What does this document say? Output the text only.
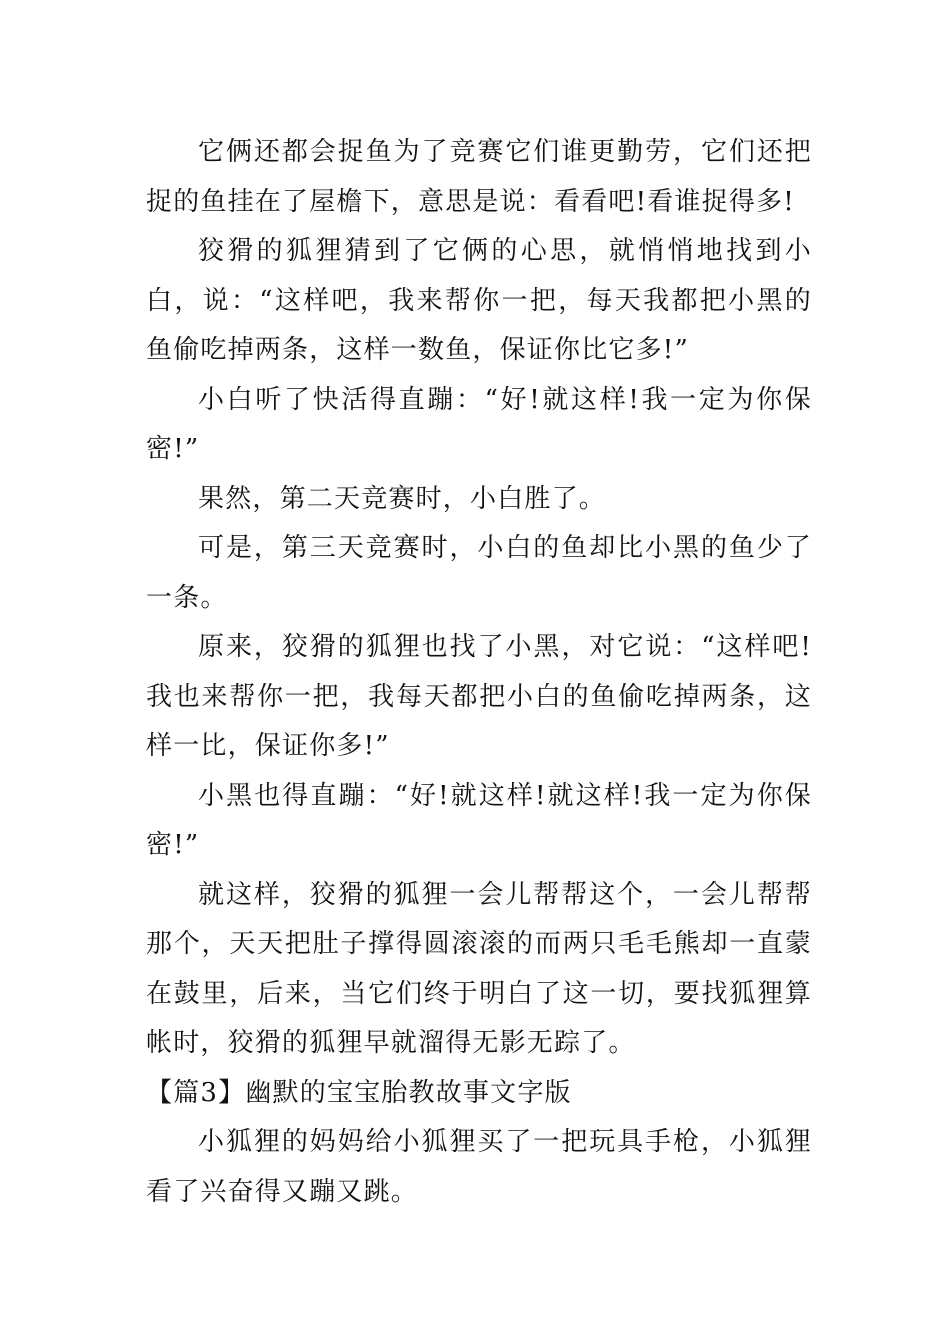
它俩还都会捉鱼为了竞赛它们谁更勤劳，它们还把捉的鱼挂在了屋檐下，意思是说：看看吧!看谁捉得多!

狡猾的狐狸猜到了它俩的心思，就悄悄地找到小白，说：“这样吧，我来帮你一把，每天我都把小黑的鱼偷吃掉两条，这样一数鱼，保证你比它多!”

小白听了快活得直蹦：“好!就这样!我一定为你保密!”

果然，第二天竞赛时，小白胜了。

可是，第三天竞赛时，小白的鱼却比小黑的鱼少了一条。

原来，狡猾的狐狸也找了小黑，对它说：“这样吧!我也来帮你一把，我每天都把小白的鱼偷吃掉两条，这样一比，保证你多!”

小黑也得直蹦：“好!就这样!就这样!我一定为你保密!”

就这样，狡猾的狐狸一会儿帮帮这个，一会儿帮帮那个，天天把肚子撑得圆滚滚的而两只毛毛熊却一直蒙在鼓里，后来，当它们终于明白了这一切，要找狐狸算帐时，狡猾的狐狸早就溜得无影无踪了。

【篇3】幽默的宝宝胎教故事文字版

小狐狸的妈妈给小狐狸买了一把玩具手枪，小狐狸看了兴奋得又蹦又跳。
